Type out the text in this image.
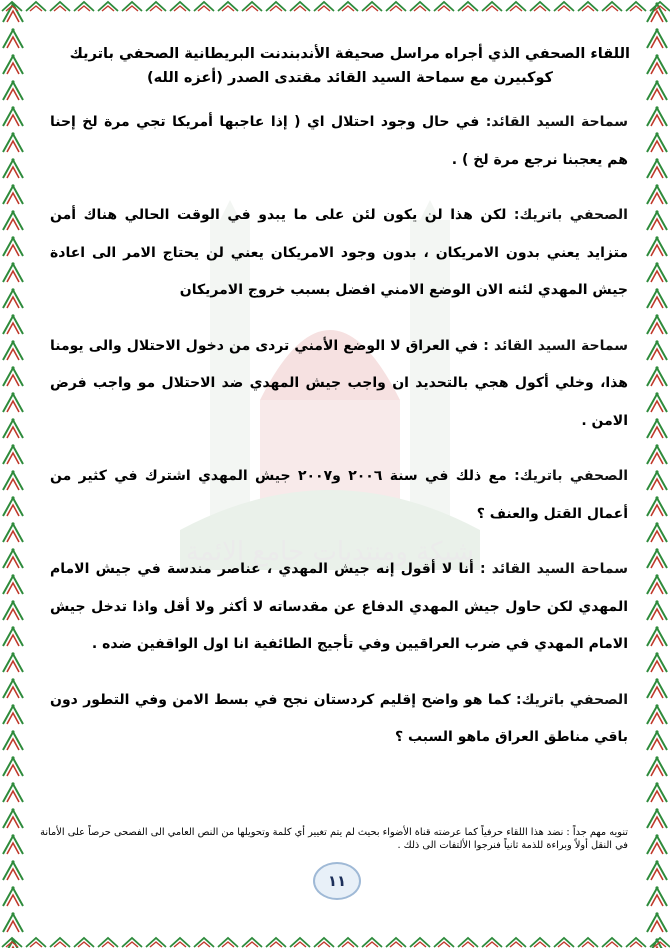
شبكة ومنتديات جامع الائمة
اللقاء الصحفي الذي أجراه مراسل صحيفة الأندبندنت البريطانية الصحفي باتريك
كوكبيرن مع سماحة السيد القائد مقتدى الصدر (أعزه الله)

سماحة السيد القائد: في حال وجود احتلال اي ( إذا عاجبها أمريكا تجي مرة لخ إحنا هم يعجبنا نرجع مرة لخ ) .

الصحفي باتريك: لكن هذا لن يكون لئن على ما يبدو في الوقت الحالي هناك أمن متزايد يعني بدون الامريكان ، بدون وجود الامريكان يعني لن يحتاج الامر الى اعادة جيش المهدي لئنه الان الوضع الامني افضل بسبب خروج الامريكان

سماحة السيد القائد : في العراق لا الوضع الأمني تردى من دخول الاحتلال والى يومنا هذا، وخلي أكول هجي بالتحديد ان واجب جيش المهدي ضد الاحتلال مو واجب فرض الامن .

الصحفي باتريك: مع ذلك في سنة ٢٠٠٦ و٢٠٠٧ جيش المهدي اشترك في كثير من أعمال القتل والعنف ؟

سماحة السيد القائد : أنا لا أقول إنه جيش المهدي ، عناصر مندسة في جيش الامام المهدي لكن حاول جيش المهدي الدفاع عن مقدساته لا أكثر ولا أقل واذا تدخل جيش الامام المهدي في ضرب العراقيين وفي تأجيج الطائفية انا اول الواقفين ضده .

الصحفي باتريك: كما هو واضح إقليم كردستان نجح في بسط الامن وفي التطور دون باقي مناطق العراق ماهو السبب ؟

تنويه مهم جداً : نضد هذا اللقاء حرفياً كما عرضته قناة الأضواء بحيث لم يتم تغيير أي كلمة وتحويلها من النص العامي الى الفصحى حرصاً على الأمانة في النقل أولاً وبراءة للذمة ثانياً فنرجوا الألتفات الى ذلك .
١١
